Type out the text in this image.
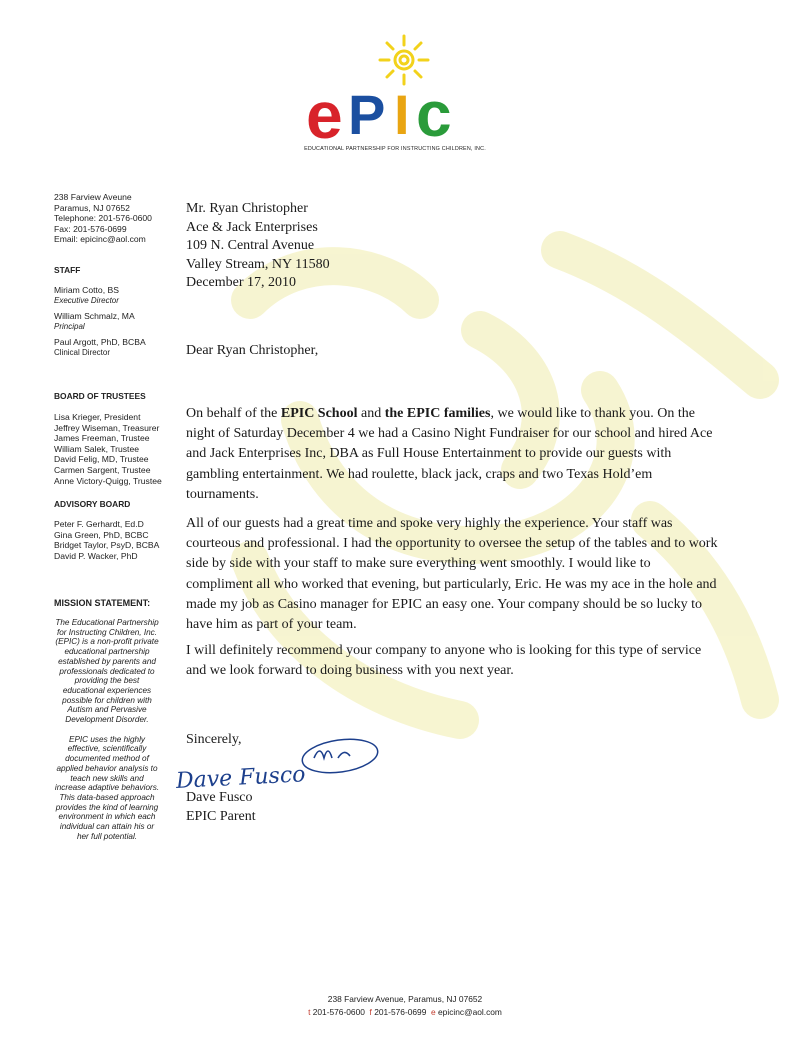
e P I c
EDUCATIONAL PARTNERSHIP FOR INSTRUCTING CHILDREN, INC.
238 Farview Aveune
Paramus, NJ 07652
Telephone: 201-576-0600
Fax: 201-576-0699
Email: epicinc@aol.com
STAFF
Miriam Cotto, BS
Executive Director
William Schmalz, MA
Principal
Paul Argott, PhD, BCBA
Clinical Director
BOARD OF TRUSTEES
Lisa Krieger, President
Jeffrey Wiseman, Treasurer
James Freeman, Trustee
William Salek, Trustee
David Felig, MD, Trustee
Carmen Sargent, Trustee
Anne Victory-Quigg, Trustee
ADVISORY BOARD
Peter F. Gerhardt, Ed.D
Gina Green, PhD, BCBC
Bridget Taylor, PsyD, BCBA
David P. Wacker, PhD
MISSION STATEMENT:

The Educational Partnership for Instructing Children, Inc. (EPIC) is a non-profit private educational partnership established by parents and professionals dedicated to providing the best educational experiences possible for children with Autism and Pervasive Development Disorder.

EPIC uses the highly effective, scientifically documented method of applied behavior analysis to teach new skills and increase adaptive behaviors. This data-based approach provides the kind of learning environment in which each individual can attain his or her full potential.

Mr. Ryan Christopher
Ace & Jack Enterprises
109 N. Central Avenue
Valley Stream, NY 11580
December 17, 2010
Dear Ryan Christopher,

On behalf of the EPIC School and the EPIC families, we would like to thank you. On the night of Saturday December 4 we had a Casino Night Fundraiser for our school and hired Ace and Jack Enterprises Inc, DBA as Full House Entertainment to provide our guests with gambling entertainment. We had roulette, black jack, craps and two Texas Hold’em tournaments.

All of our guests had a great time and spoke very highly the experience. Your staff was courteous and professional. I had the opportunity to oversee the setup of the tables and to work side by side with your staff to make sure everything went smoothly. I would like to compliment all who worked that evening, but particularly, Eric. He was my ace in the hole and made my job as Casino manager for EPIC an easy one. Your company should be so lucky to have him as part of your team.

I will definitely recommend your company to anyone who is looking for this type of service and we look forward to doing business with you next year.

Sincerely,
Dave Fusco
Dave Fusco
EPIC Parent
238 Farview Avenue, Paramus, NJ 07652
t 201-576-0600 f 201-576-0699 e epicinc@aol.com
